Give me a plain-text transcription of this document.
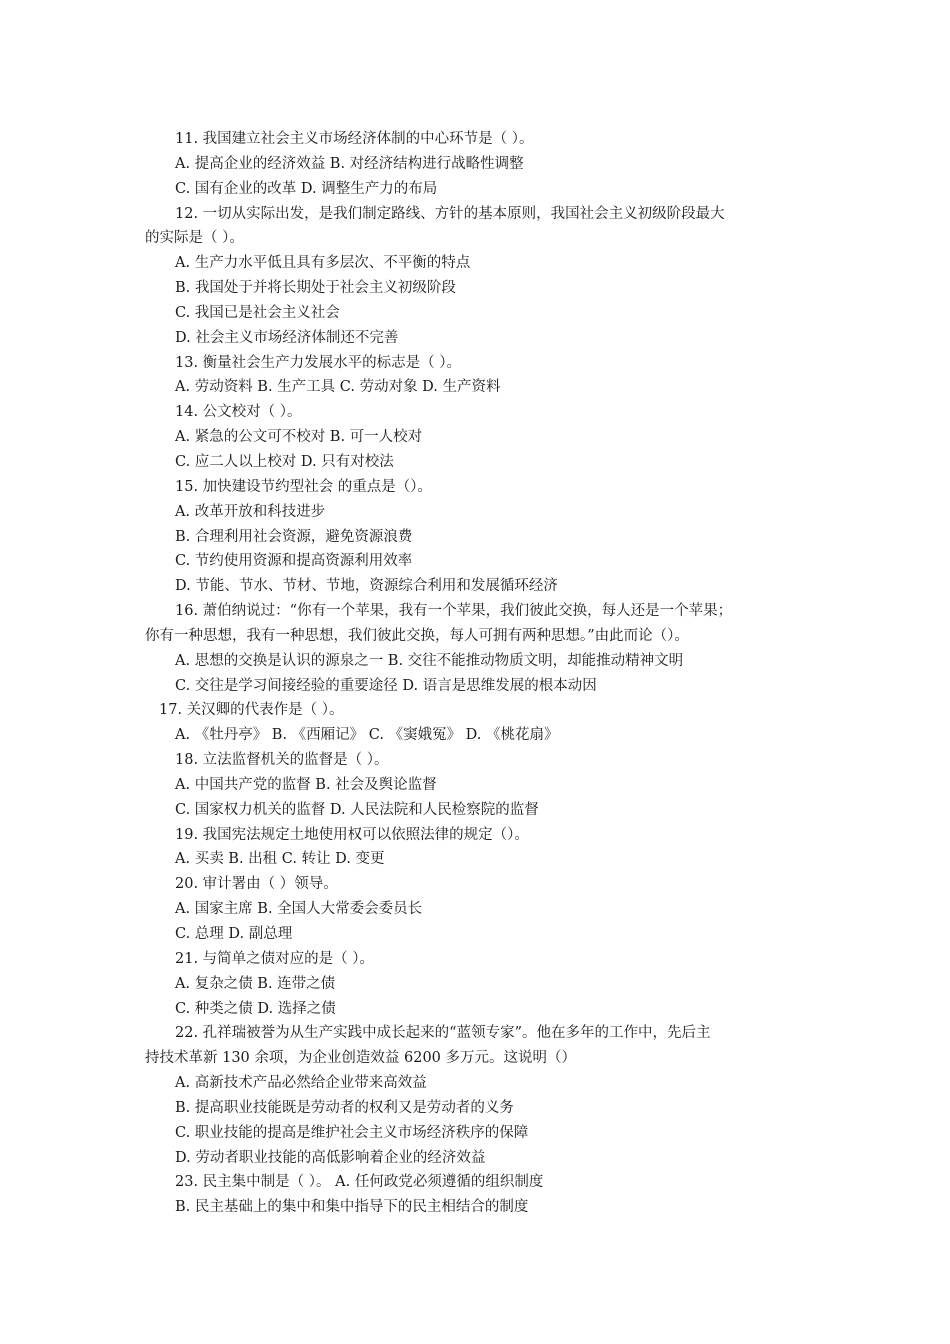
11. 我国建立社会主义市场经济体制的中心环节是（ ）。
A. 提高企业的经济效益 B. 对经济结构进行战略性调整
C. 国有企业的改革 D. 调整生产力的布局
12. 一切从实际出发，是我们制定路线、方针的基本原则，我国社会主义初级阶段最大
的实际是（ ）。
A. 生产力水平低且具有多层次、不平衡的特点
B. 我国处于并将长期处于社会主义初级阶段
C. 我国已是社会主义社会
D. 社会主义市场经济体制还不完善
13. 衡量社会生产力发展水平的标志是（ ）。
A. 劳动资料 B. 生产工具 C. 劳动对象 D. 生产资料
14. 公文校对（ ）。
A. 紧急的公文可不校对 B. 可一人校对
C. 应二人以上校对 D. 只有对校法
15. 加快建设节约型社会 的重点是（）。
A. 改革开放和科技进步
B. 合理利用社会资源，避免资源浪费
C. 节约使用资源和提高资源利用效率
D. 节能、节水、节材、节地，资源综合利用和发展循环经济
16. 萧伯纳说过：“你有一个苹果，我有一个苹果，我们彼此交换，每人还是一个苹果；
你有一种思想，我有一种思想，我们彼此交换，每人可拥有两种思想。”由此而论（）。
A. 思想的交换是认识的源泉之一 B. 交往不能推动物质文明，却能推动精神文明
C. 交往是学习间接经验的重要途径 D. 语言是思维发展的根本动因
17. 关汉卿的代表作是（ ）。
A. 《牡丹亭》 B. 《西厢记》 C. 《窦娥冤》 D. 《桃花扇》
18. 立法监督机关的监督是（ ）。
A. 中国共产党的监督 B. 社会及舆论监督
C. 国家权力机关的监督 D. 人民法院和人民检察院的监督
19. 我国宪法规定土地使用权可以依照法律的规定（）。
A. 买卖 B. 出租 C. 转让 D. 变更
20. 审计署由（ ）领导。
A. 国家主席 B. 全国人大常委会委员长
C. 总理 D. 副总理
21. 与简单之债对应的是（ ）。
A. 复杂之债 B. 连带之债
C. 种类之债 D. 选择之债
22. 孔祥瑞被誉为从生产实践中成长起来的“蓝领专家”。他在多年的工作中，先后主
持技术革新 130 余项，为企业创造效益 6200 多万元。这说明（）
A. 高新技术产品必然给企业带来高效益
B. 提高职业技能既是劳动者的权利又是劳动者的义务
C. 职业技能的提高是维护社会主义市场经济秩序的保障
D. 劳动者职业技能的高低影响着企业的经济效益
23. 民主集中制是（ ）。 A. 任何政党必须遵循的组织制度
B. 民主基础上的集中和集中指导下的民主相结合的制度
